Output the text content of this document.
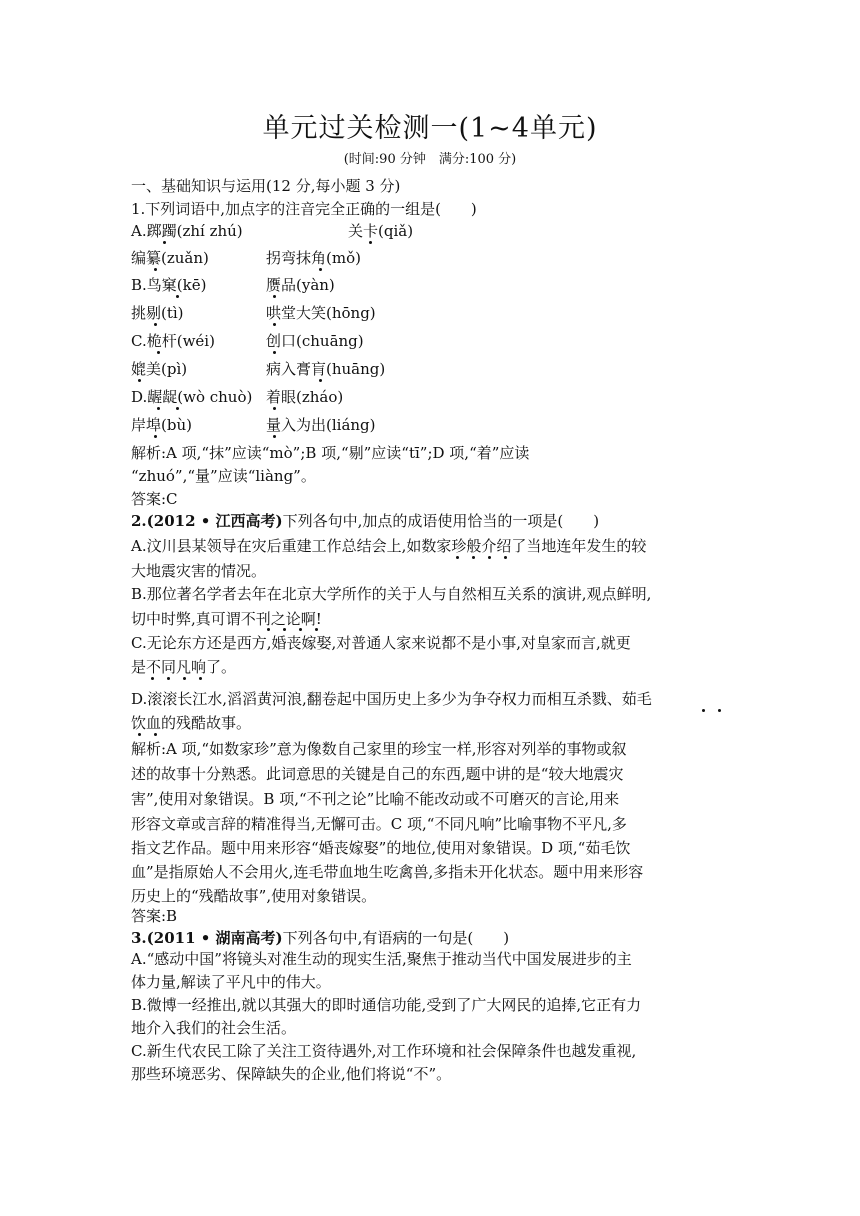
单元过关检测一(1~4单元)
(时间:90 分钟　满分:100 分)
一、基础知识与运用(12 分,每小题 3 分)
1.下列词语中,加点字的注音完全正确的一组是(　　)
A.踯躅(zhí zhú)	关卡(qiǎ)
编纂(zuǎn)	拐弯抹角(mǒ)
B.鸟窠(kē)	赝品(yàn)
挑剔(tì)	哄堂大笑(hōng)
C.桅杆(wéi)	创口(chuāng)
媲美(pì)	病入膏肓(huāng)
D.龌龊(wò chuò) 着眼(zháo)
岸埠(bù)	量入为出(liáng)
解析:A 项,“抹”应读“mò”;B 项,“剔”应读“tī”;D 项,“着”应读
“zhuó”,“量”应读“liàng”。
答案:C
2.(2012 • 江西高考)下列各句中,加点的成语使用恰当的一项是(　　)
A.汶川县某领导在灾后重建工作总结会上,如数家珍般介绍了当地连年发生的较
大地震灾害的情况。
B.那位著名学者去年在北京大学所作的关于人与自然相互关系的演讲,观点鲜明,
切中时弊,真可谓不刊之论啊!
C.无论东方还是西方,婚丧嫁娶,对普通人家来说都不是小事,对皇家而言,就更
是不同凡响了。
D.滚滚长江水,滔滔黄河浪,翻卷起中国历史上多少为争夺权力而相互杀戮、茹毛
饮血的残酷故事。
解析:A 项,“如数家珍”意为像数自己家里的珍宝一样,形容对列举的事物或叙
述的故事十分熟悉。此词意思的关键是自己的东西,题中讲的是“较大地震灾
害”,使用对象错误。B 项,“不刊之论”比喻不能改动或不可磨灭的言论,用来
形容文章或言辞的精准得当,无懈可击。C 项,“不同凡响”比喻事物不平凡,多
指文艺作品。题中用来形容“婚丧嫁娶”的地位,使用对象错误。D 项,“茹毛饮
血”是指原始人不会用火,连毛带血地生吃禽兽,多指未开化状态。题中用来形容
历史上的“残酷故事”,使用对象错误。
答案:B
3.(2011 • 湖南高考)下列各句中,有语病的一句是(　　)
A.“感动中国”将镜头对准生动的现实生活,聚焦于推动当代中国发展进步的主
体力量,解读了平凡中的伟大。
B.微博一经推出,就以其强大的即时通信功能,受到了广大网民的追捧,它正有力
地介入我们的社会生活。
C.新生代农民工除了关注工资待遇外,对工作环境和社会保障条件也越发重视,
那些环境恶劣、保障缺失的企业,他们将说“不”。
